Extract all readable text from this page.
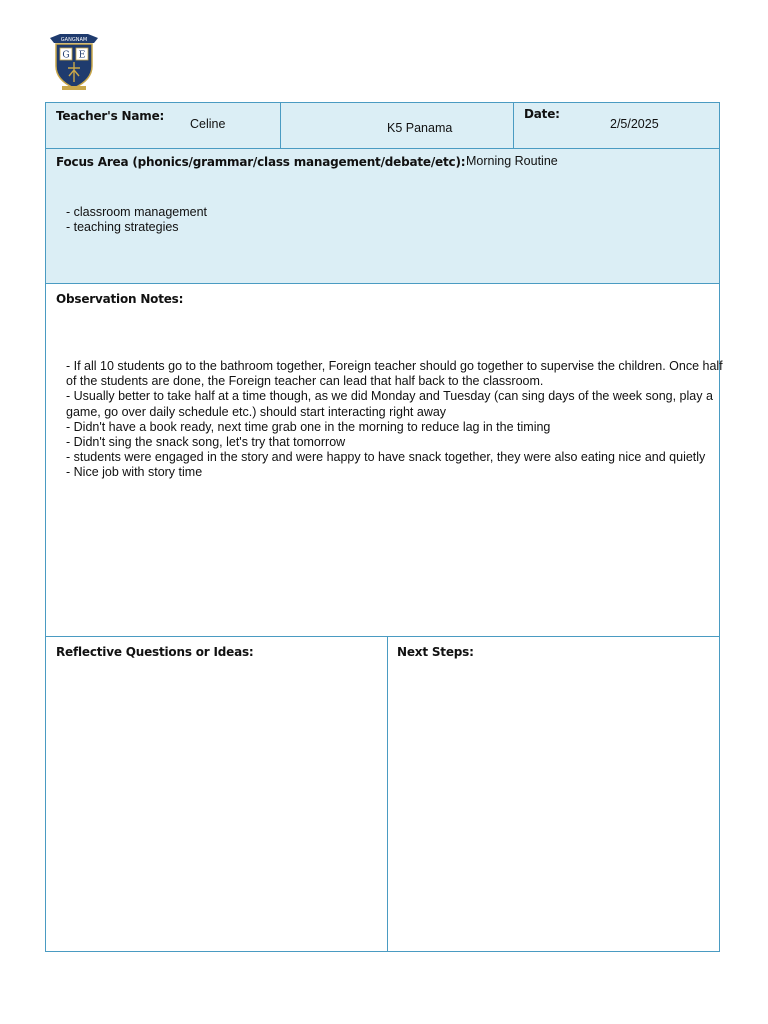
GANGNAM
G E
Teacher's Name:
Celine	K5 Panama
Date:
2/5/2025
Focus Area (phonics/grammar/class management/debate/etc): Morning Routine
- classroom management
- teaching strategies
Observation Notes:
- If all 10 students go to the bathroom together, Foreign teacher should go together to supervise the children. Once half of the students are done, the Foreign teacher can lead that half back to the classroom.
- Usually better to take half at a time though, as we did Monday and Tuesday (can sing days of the week song, play a game, go over daily schedule etc.) should start interacting right away
- Didn't have a book ready, next time grab one in the morning to reduce lag in the timing
- Didn't sing the snack song, let's try that tomorrow
- students were engaged in the story and were happy to have snack together, they were also eating nice and quietly
- Nice job with story time
Reflective Questions or Ideas:	Next Steps:
